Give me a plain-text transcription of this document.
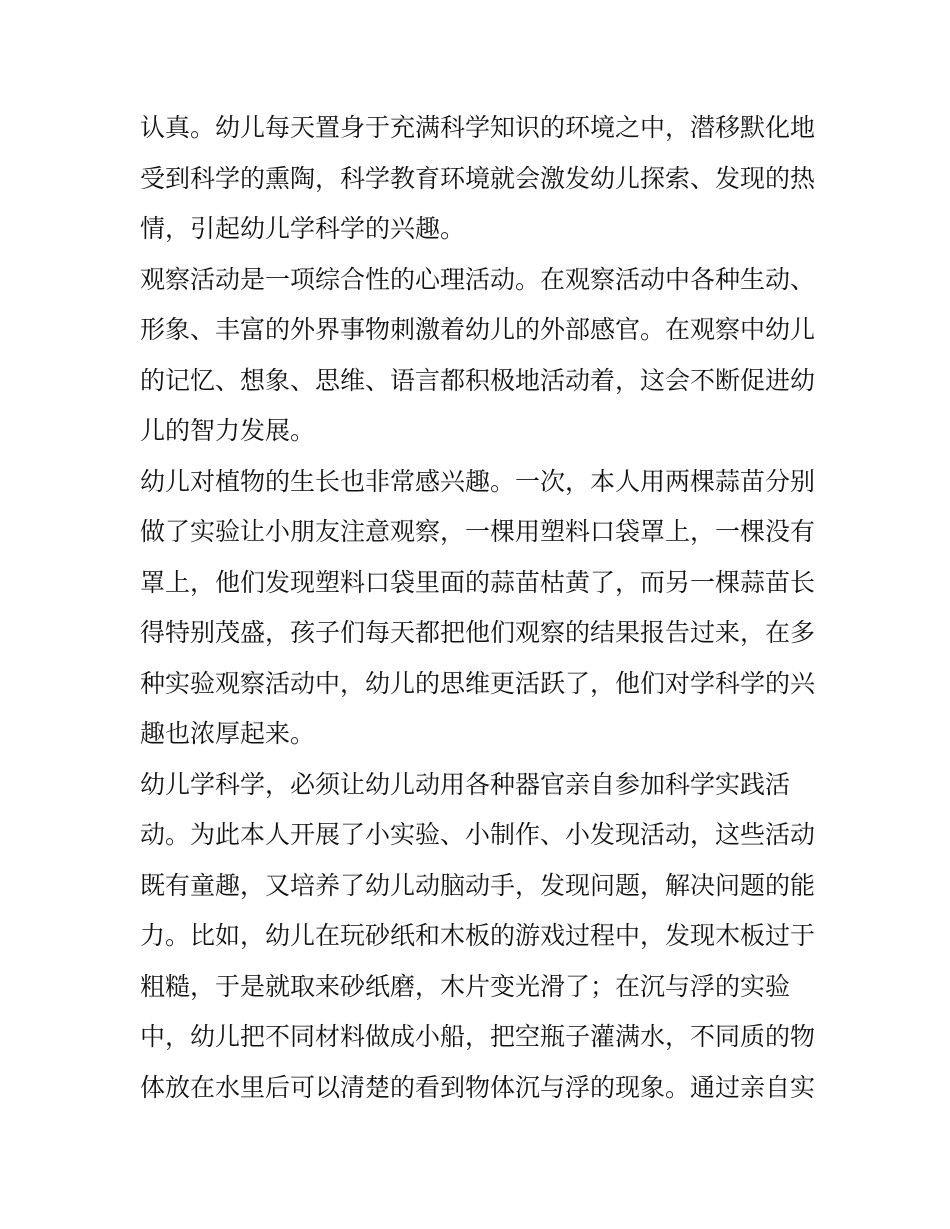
认真。幼儿每天置身于充满科学知识的环境之中，潜移默化地
受到科学的熏陶，科学教育环境就会激发幼儿探索、发现的热
情，引起幼儿学科学的兴趣。
观察活动是一项综合性的心理活动。在观察活动中各种生动、
形象、丰富的外界事物刺激着幼儿的外部感官。在观察中幼儿
的记忆、想象、思维、语言都积极地活动着，这会不断促进幼
儿的智力发展。
幼儿对植物的生长也非常感兴趣。一次，本人用两棵蒜苗分别
做了实验让小朋友注意观察，一棵用塑料口袋罩上，一棵没有
罩上，他们发现塑料口袋里面的蒜苗枯黄了，而另一棵蒜苗长
得特别茂盛，孩子们每天都把他们观察的结果报告过来，在多
种实验观察活动中，幼儿的思维更活跃了，他们对学科学的兴
趣也浓厚起来。
幼儿学科学，必须让幼儿动用各种器官亲自参加科学实践活
动。为此本人开展了小实验、小制作、小发现活动，这些活动
既有童趣，又培养了幼儿动脑动手，发现问题，解决问题的能
力。比如，幼儿在玩砂纸和木板的游戏过程中，发现木板过于
粗糙，于是就取来砂纸磨，木片变光滑了；在沉与浮的实验
中，幼儿把不同材料做成小船，把空瓶子灌满水，不同质的物
体放在水里后可以清楚的看到物体沉与浮的现象。通过亲自实
